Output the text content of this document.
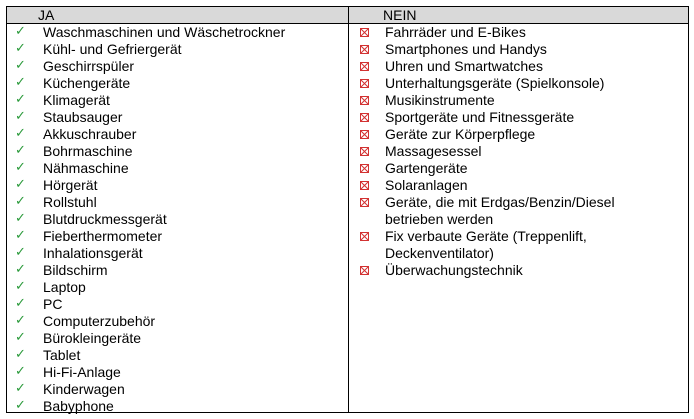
JA
✓ Waschmaschinen und Wäschetrockner
✓ Kühl- und Gefriergerät
✓ Geschirrspüler
✓ Küchengeräte
✓ Klimagerät
✓ Staubsauger
✓ Akkuschrauber
✓ Bohrmaschine
✓ Nähmaschine
✓ Hörgerät
✓ Rollstuhl
✓ Blutdruckmessgerät
✓ Fieberthermometer
✓ Inhalationsgerät
✓ Bildschirm
✓ Laptop
✓ PC
✓ Computerzubehör
✓ Bürokleingeräte
✓ Tablet
✓ Hi-Fi-Anlage
✓ Kinderwagen
✓ Babyphone
NEIN
Fahrräder und E-Bikes
Smartphones und Handys
Uhren und Smartwatches
Unterhaltungsgeräte (Spielkonsole)
Musikinstrumente
Sportgeräte und Fitnessgeräte
Geräte zur Körperpflege
Massagesessel
Gartengeräte
Solaranlagen
Geräte, die mit Erdgas/Benzin/Diesel
betrieben werden
Fix verbaute Geräte (Treppenlift,
Deckenventilator)
Überwachungstechnik
